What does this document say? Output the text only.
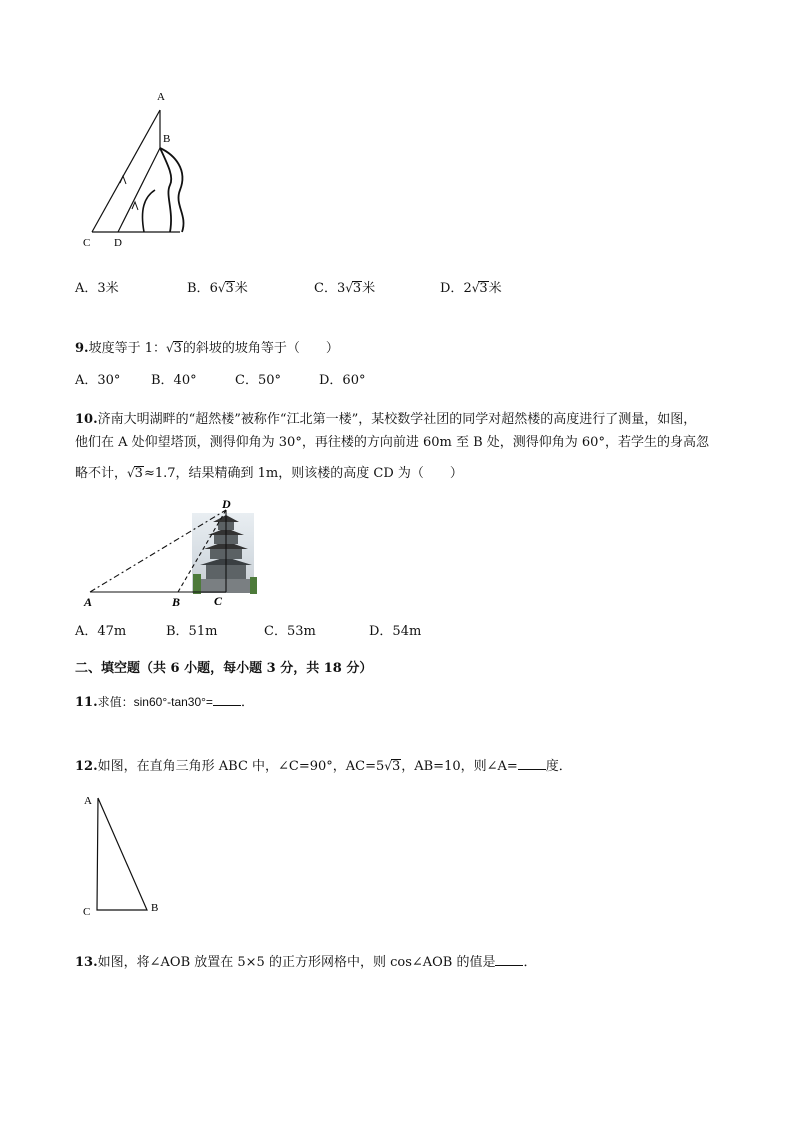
A
B
C D
A．3米	B．6√3米	C．3√3米	D．2√3米
9.坡度等于 1：√3的斜坡的坡角等于（　　）
A．30° B．40°	C．50°	D．60°
10.济南大明湖畔的“超然楼”被称作“江北第一楼”，某校数学社团的同学对超然楼的高度进行了测量，如图，
他们在 A 处仰望塔顶，测得仰角为 30°，再往楼的方向前进 60m 至 B 处，测得仰角为 60°，若学生的身高忽
略不计，√3≈1.7，结果精确到 1m，则该楼的高度 CD 为（　　）
A	B	C
D
A．47m	B．51m	C．53m	D．54m
二、填空题（共 6 小题，每小题 3 分，共 18 分）
11.求值：sin60°-tan30°= ．
12.如图，在直角三角形 ABC 中，∠C=90°，AC=5√3，AB=10，则∠A= 度．
A
C	B
13.如图，将∠AOB 放置在 5×5 的正方形网格中，则 cos∠AOB 的值是 ．
